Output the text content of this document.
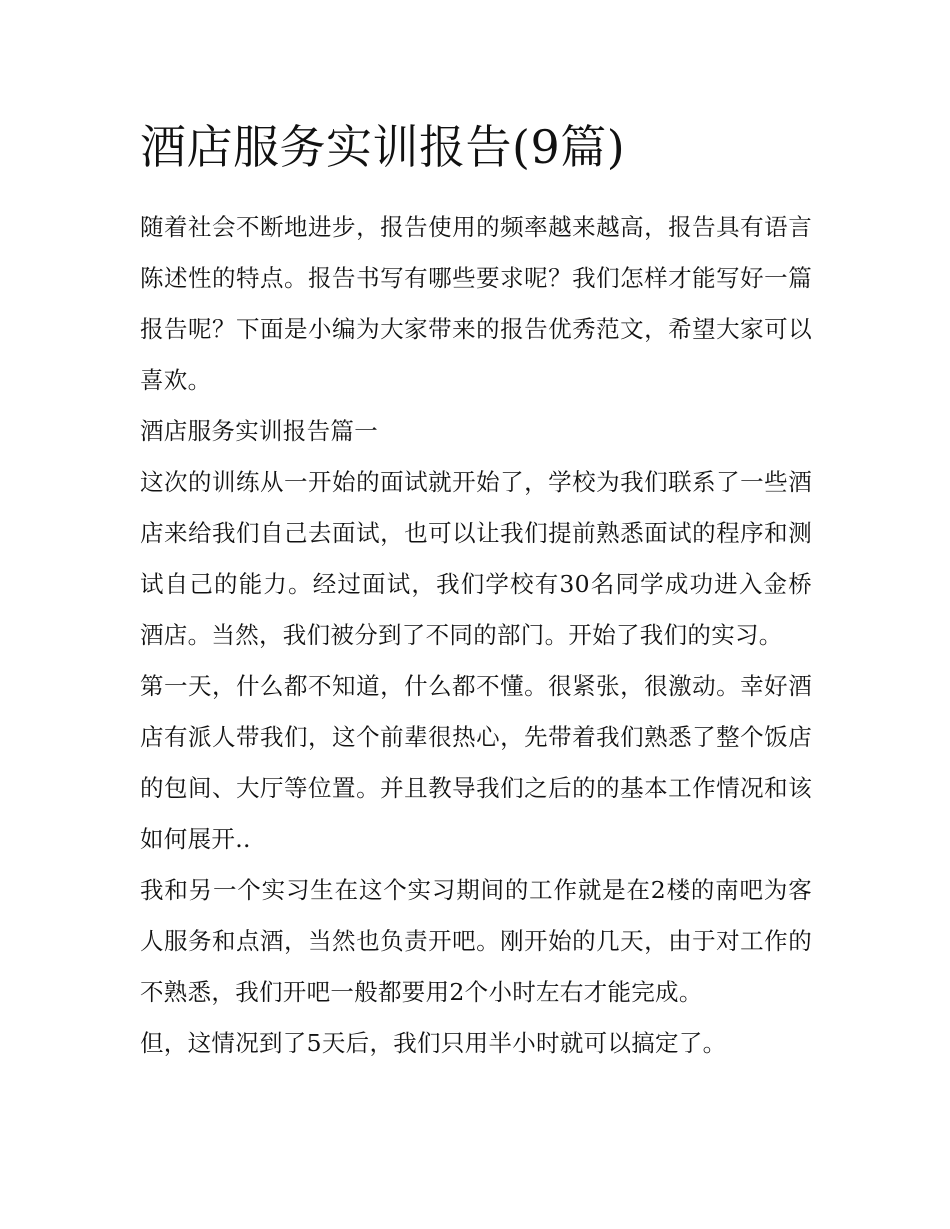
酒店服务实训报告(9篇)

随着社会不断地进步，报告使用的频率越来越高，报告具有语言陈述性的特点。报告书写有哪些要求呢？我们怎样才能写好一篇报告呢？下面是小编为大家带来的报告优秀范文，希望大家可以喜欢。

酒店服务实训报告篇一

这次的训练从一开始的面试就开始了，学校为我们联系了一些酒店来给我们自己去面试，也可以让我们提前熟悉面试的程序和测试自己的能力。经过面试，我们学校有30名同学成功进入金桥酒店。当然，我们被分到了不同的部门。开始了我们的实习。

第一天，什么都不知道，什么都不懂。很紧张，很激动。幸好酒店有派人带我们，这个前辈很热心，先带着我们熟悉了整个饭店的包间、大厅等位置。并且教导我们之后的的基本工作情况和该如何展开..

我和另一个实习生在这个实习期间的工作就是在2楼的南吧为客人服务和点酒，当然也负责开吧。刚开始的几天，由于对工作的不熟悉，我们开吧一般都要用2个小时左右才能完成。

但，这情况到了5天后，我们只用半小时就可以搞定了。
